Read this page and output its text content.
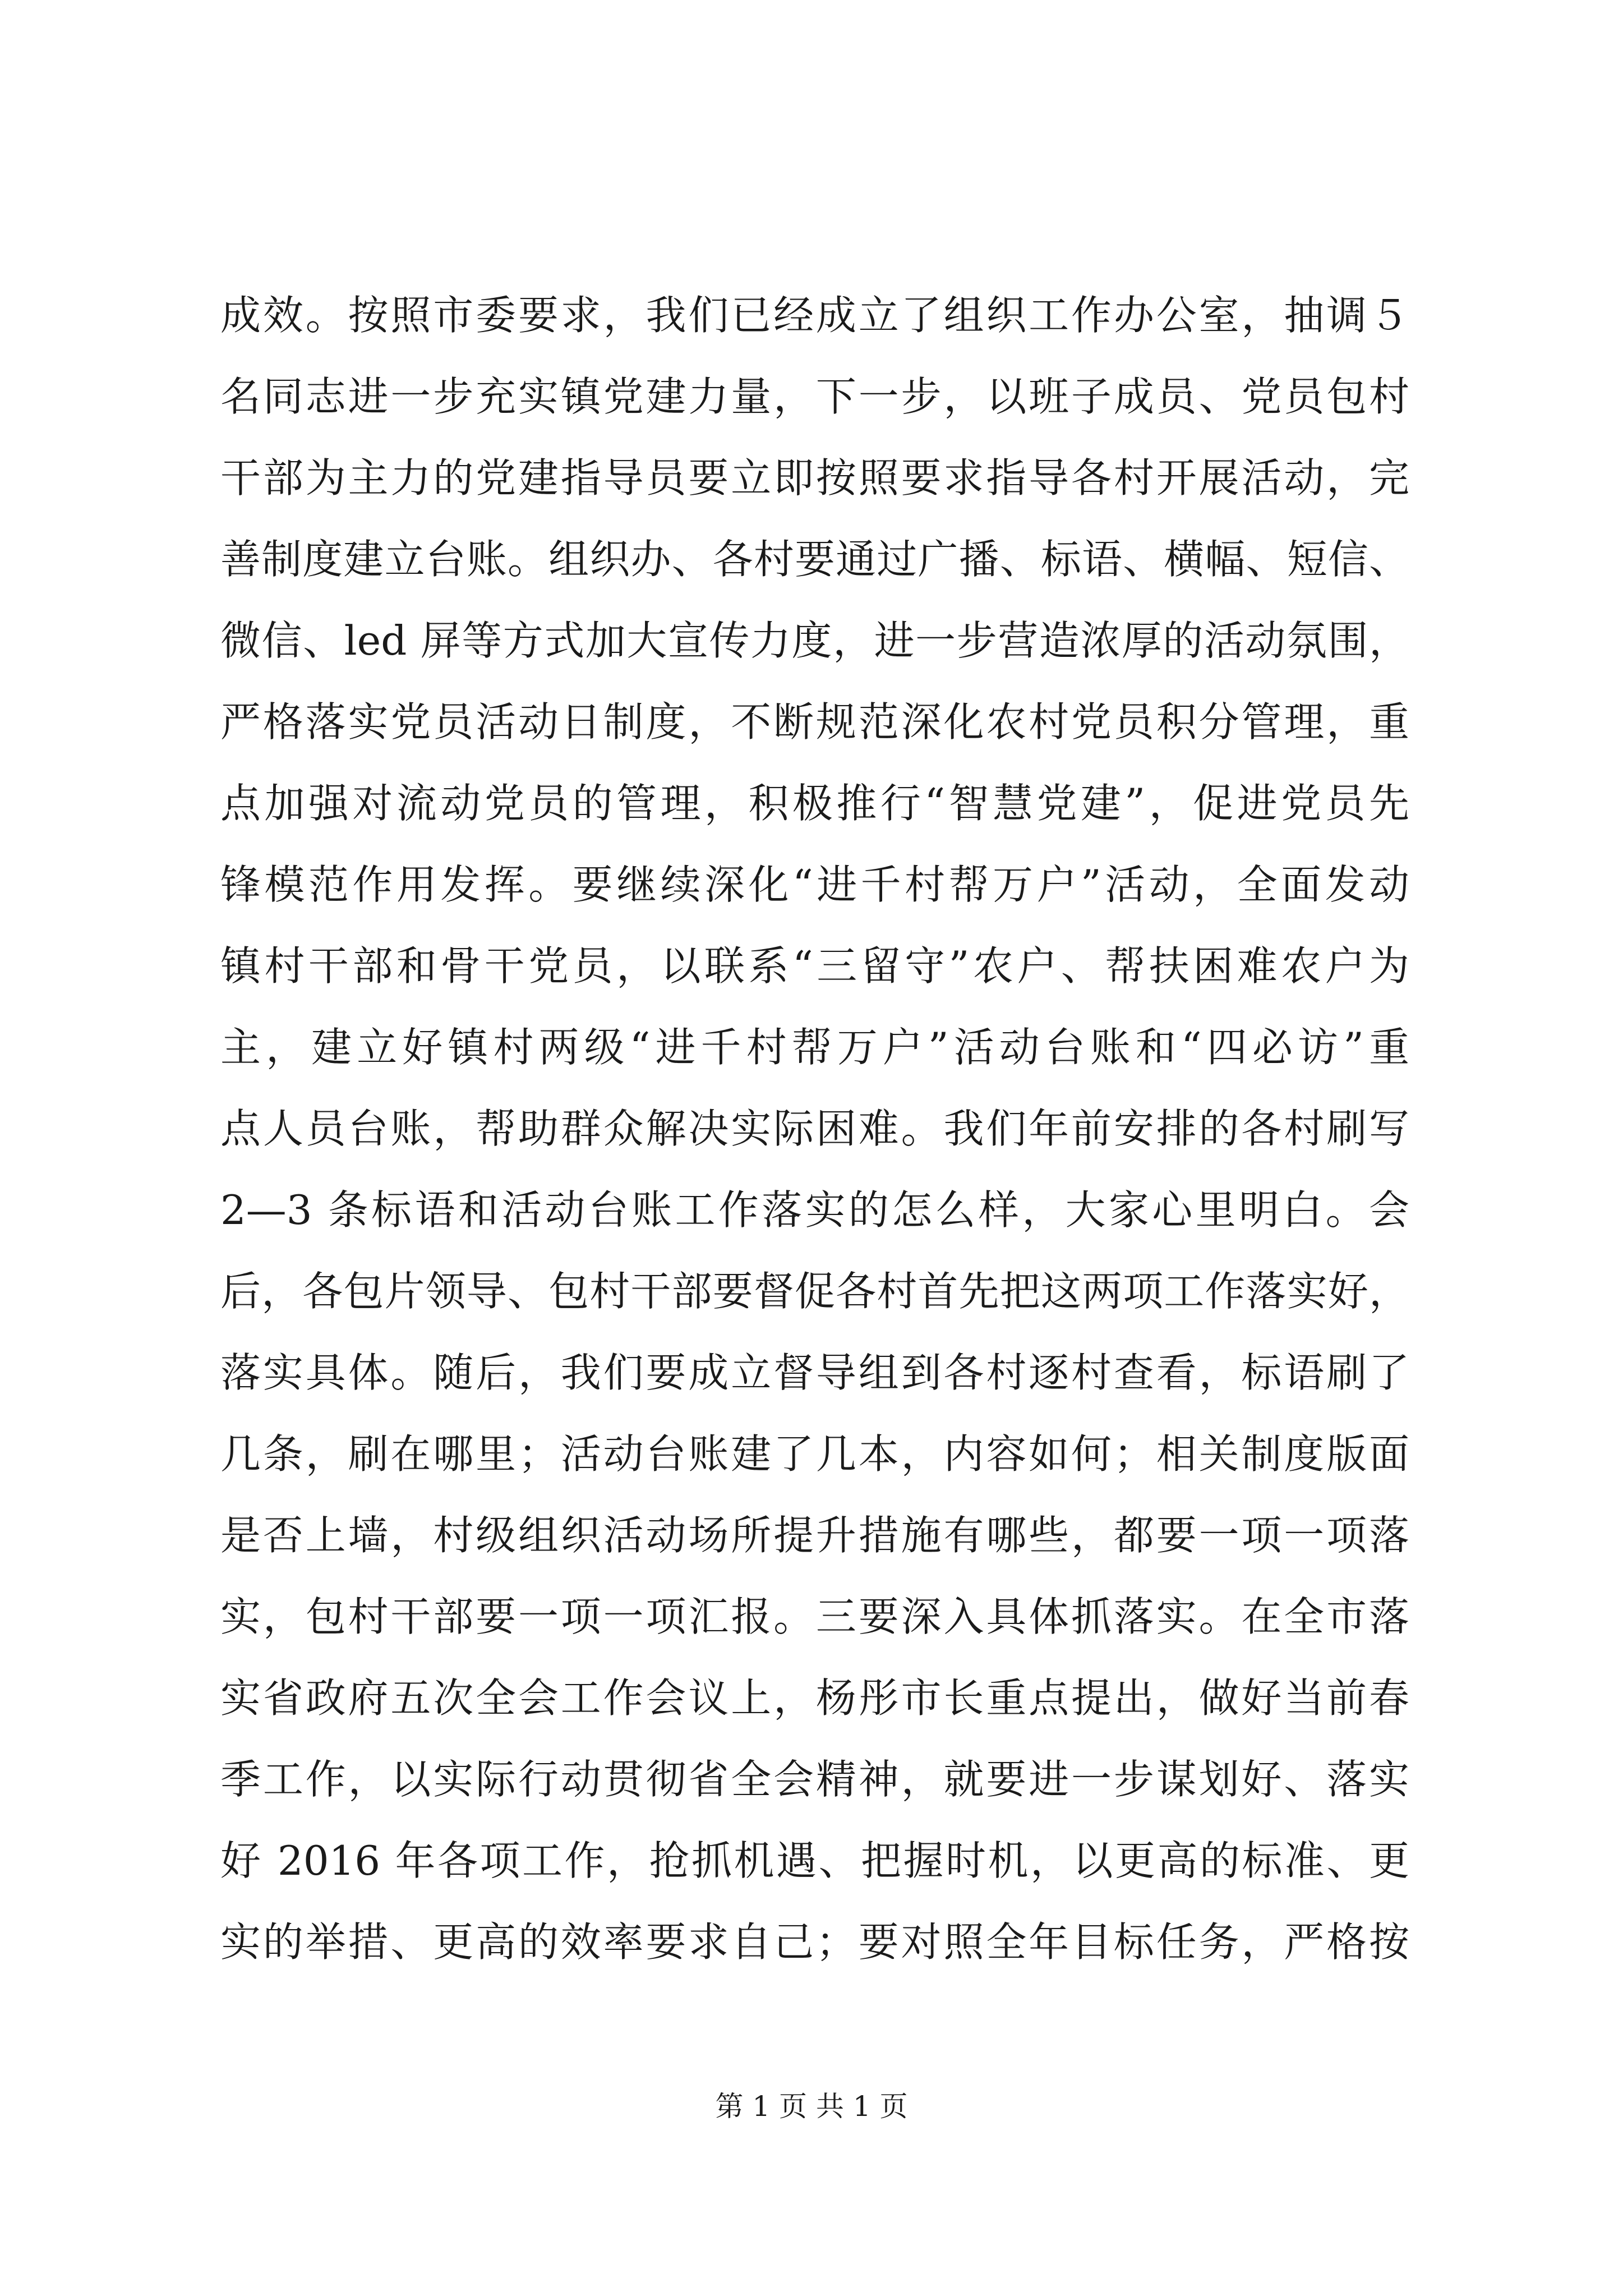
成效。按照市委要求，我们已经成立了组织工作办公室，抽调５
名同志进一步充实镇党建力量，下一步，以班子成员、党员包村
干部为主力的党建指导员要立即按照要求指导各村开展活动，完
善制度建立台账。组织办、各村要通过广播、标语、横幅、短信、
微信、led 屏等方式加大宣传力度，进一步营造浓厚的活动氛围，
严格落实党员活动日制度，不断规范深化农村党员积分管理，重
点加强对流动党员的管理，积极推行“智慧党建”，促进党员先
锋模范作用发挥。要继续深化“进千村帮万户”活动，全面发动
镇村干部和骨干党员，以联系“三留守”农户、帮扶困难农户为
主，建立好镇村两级“进千村帮万户”活动台账和“四必访”重
点人员台账，帮助群众解决实际困难。我们年前安排的各村刷写
2—3 条标语和活动台账工作落实的怎么样，大家心里明白。会
后，各包片领导、包村干部要督促各村首先把这两项工作落实好，
落实具体。随后，我们要成立督导组到各村逐村查看，标语刷了
几条，刷在哪里；活动台账建了几本，内容如何；相关制度版面
是否上墙，村级组织活动场所提升措施有哪些，都要一项一项落
实，包村干部要一项一项汇报。三要深入具体抓落实。在全市落
实省政府五次全会工作会议上，杨彤市长重点提出，做好当前春
季工作，以实际行动贯彻省全会精神，就要进一步谋划好、落实
好 2016 年各项工作，抢抓机遇、把握时机，以更高的标准、更
实的举措、更高的效率要求自己；要对照全年目标任务，严格按
第 1 页 共 1 页
